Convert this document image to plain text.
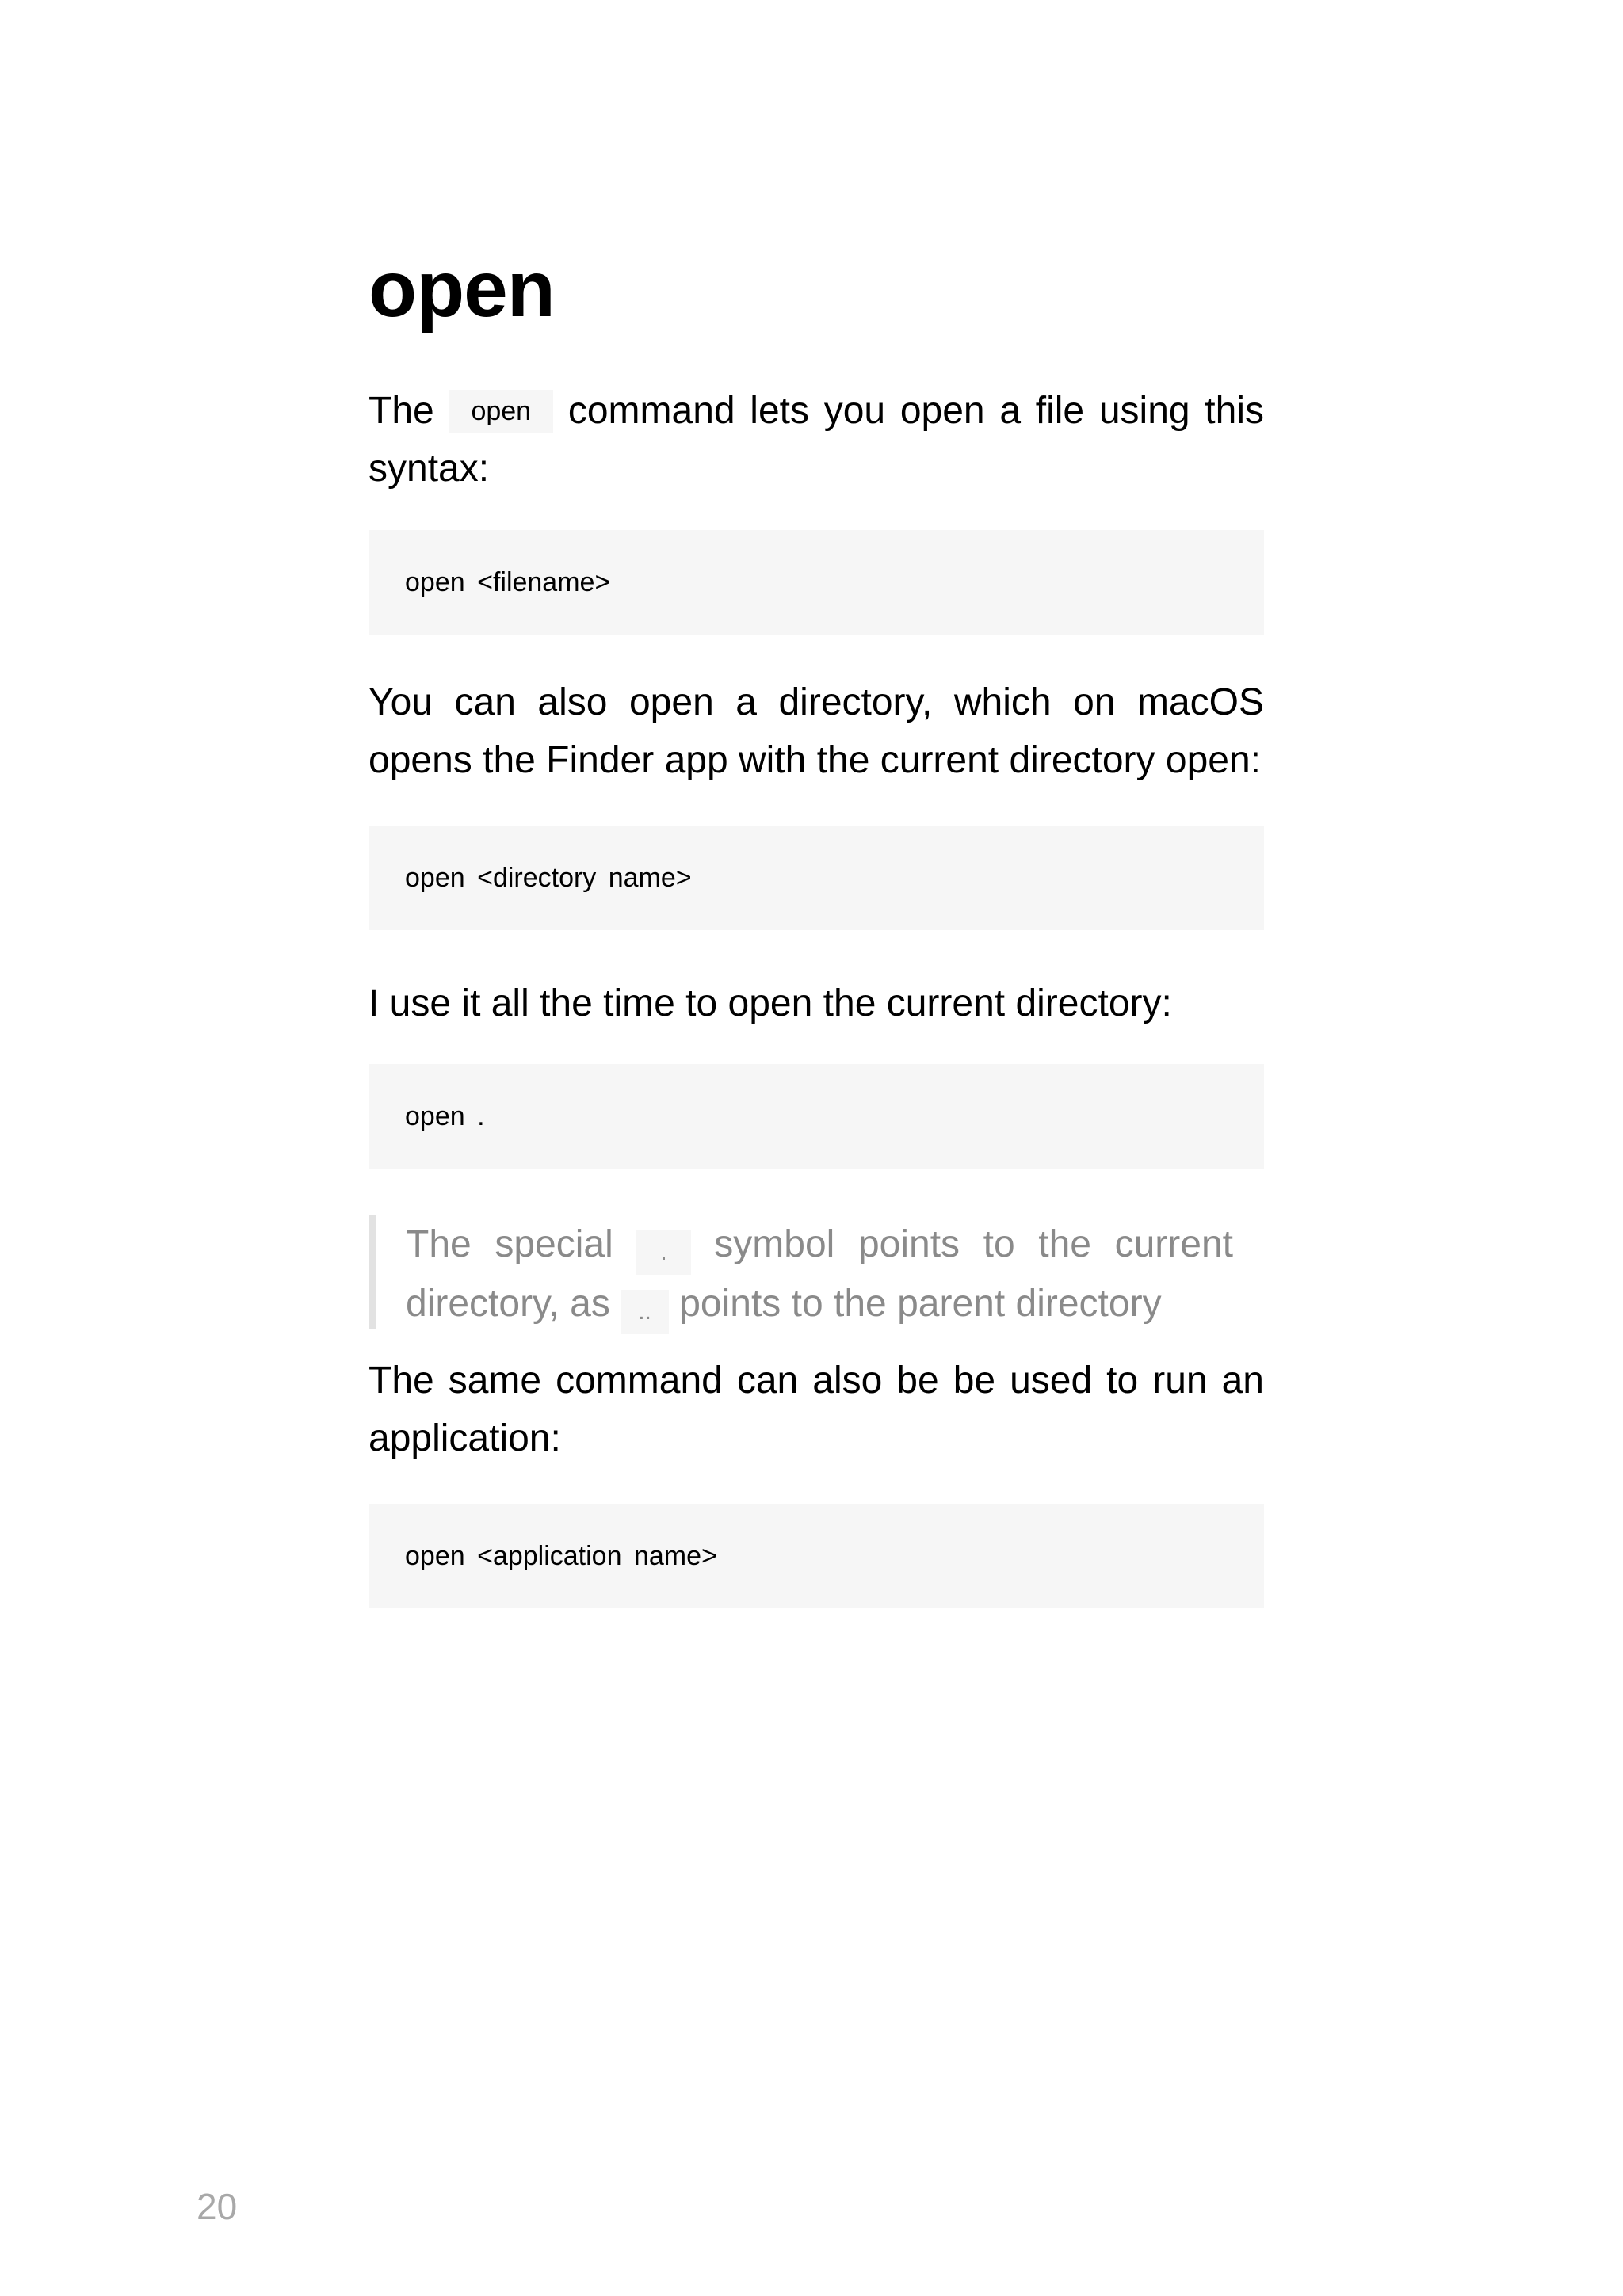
open

The open command lets you open a file using this syntax:

open <filename>

You can also open a directory, which on macOS opens the Finder app with the current directory open:

open <directory name>

I use it all the time to open the current directory:

open .
The special . symbol points to the current directory, as .. points to the parent directory

The same command can also be be used to run an application:

open <application name>
20
